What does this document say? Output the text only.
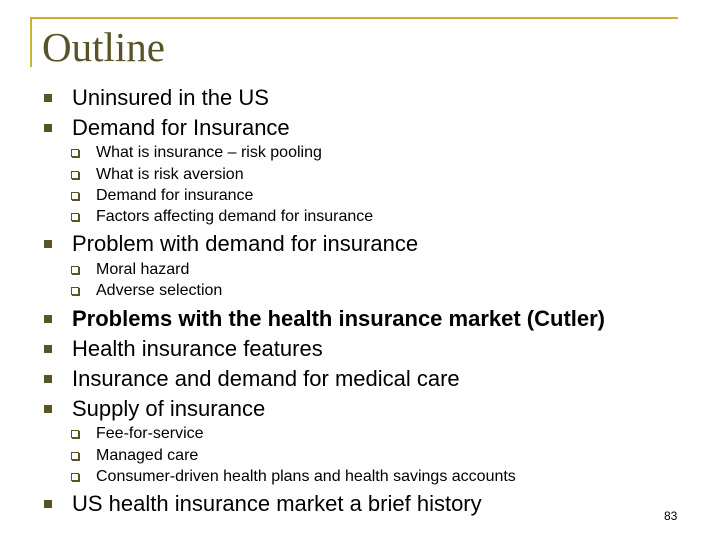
Outline
Uninsured in the US
Demand for Insurance
What is insurance – risk pooling
What is risk aversion
Demand for insurance
Factors affecting demand for insurance
Problem with demand for insurance
Moral hazard
Adverse selection
Problems with the health insurance market (Cutler)
Health insurance features
Insurance and demand for medical care
Supply of insurance
Fee-for-service
Managed care
Consumer-driven health plans and health savings accounts
US health insurance market a brief history	83
